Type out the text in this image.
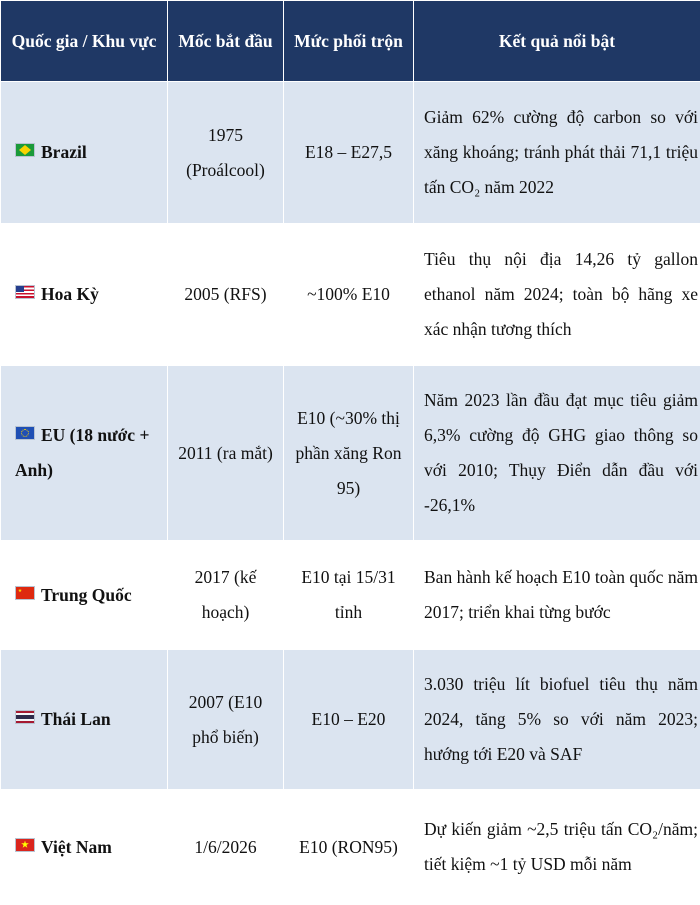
Quốc gia / Khu vực	Mốc bắt đầu	Mức phối trộn	Kết quả nổi bật
Brazil	1975 (Proálcool)	E18 – E27,5	Giảm 62% cường độ carbon so với xăng khoáng; tránh phát thải 71,1 triệu tấn CO₂ năm 2022
Hoa Kỳ	2005 (RFS)	~100% E10	Tiêu thụ nội địa 14,26 tỷ gallon ethanol năm 2024; toàn bộ hãng xe xác nhận tương thích
EU (18 nước + Anh)	2011 (ra mắt)	E10 (~30% thị phần xăng Ron 95)	Năm 2023 lần đầu đạt mục tiêu giảm 6,3% cường độ GHG giao thông so với 2010; Thụy Điển dẫn đầu với -26,1%
Trung Quốc	2017 (kế hoạch)	E10 tại 15/31 tỉnh	Ban hành kế hoạch E10 toàn quốc năm 2017; triển khai từng bước
Thái Lan	2007 (E10 phổ biến)	E10 – E20	3.030 triệu lít biofuel tiêu thụ năm 2024, tăng 5% so với năm 2023; hướng tới E20 và SAF
Việt Nam	1/6/2026	E10 (RON95)	Dự kiến giảm ~2,5 triệu tấn CO₂/năm; tiết kiệm ~1 tỷ USD mỗi năm
